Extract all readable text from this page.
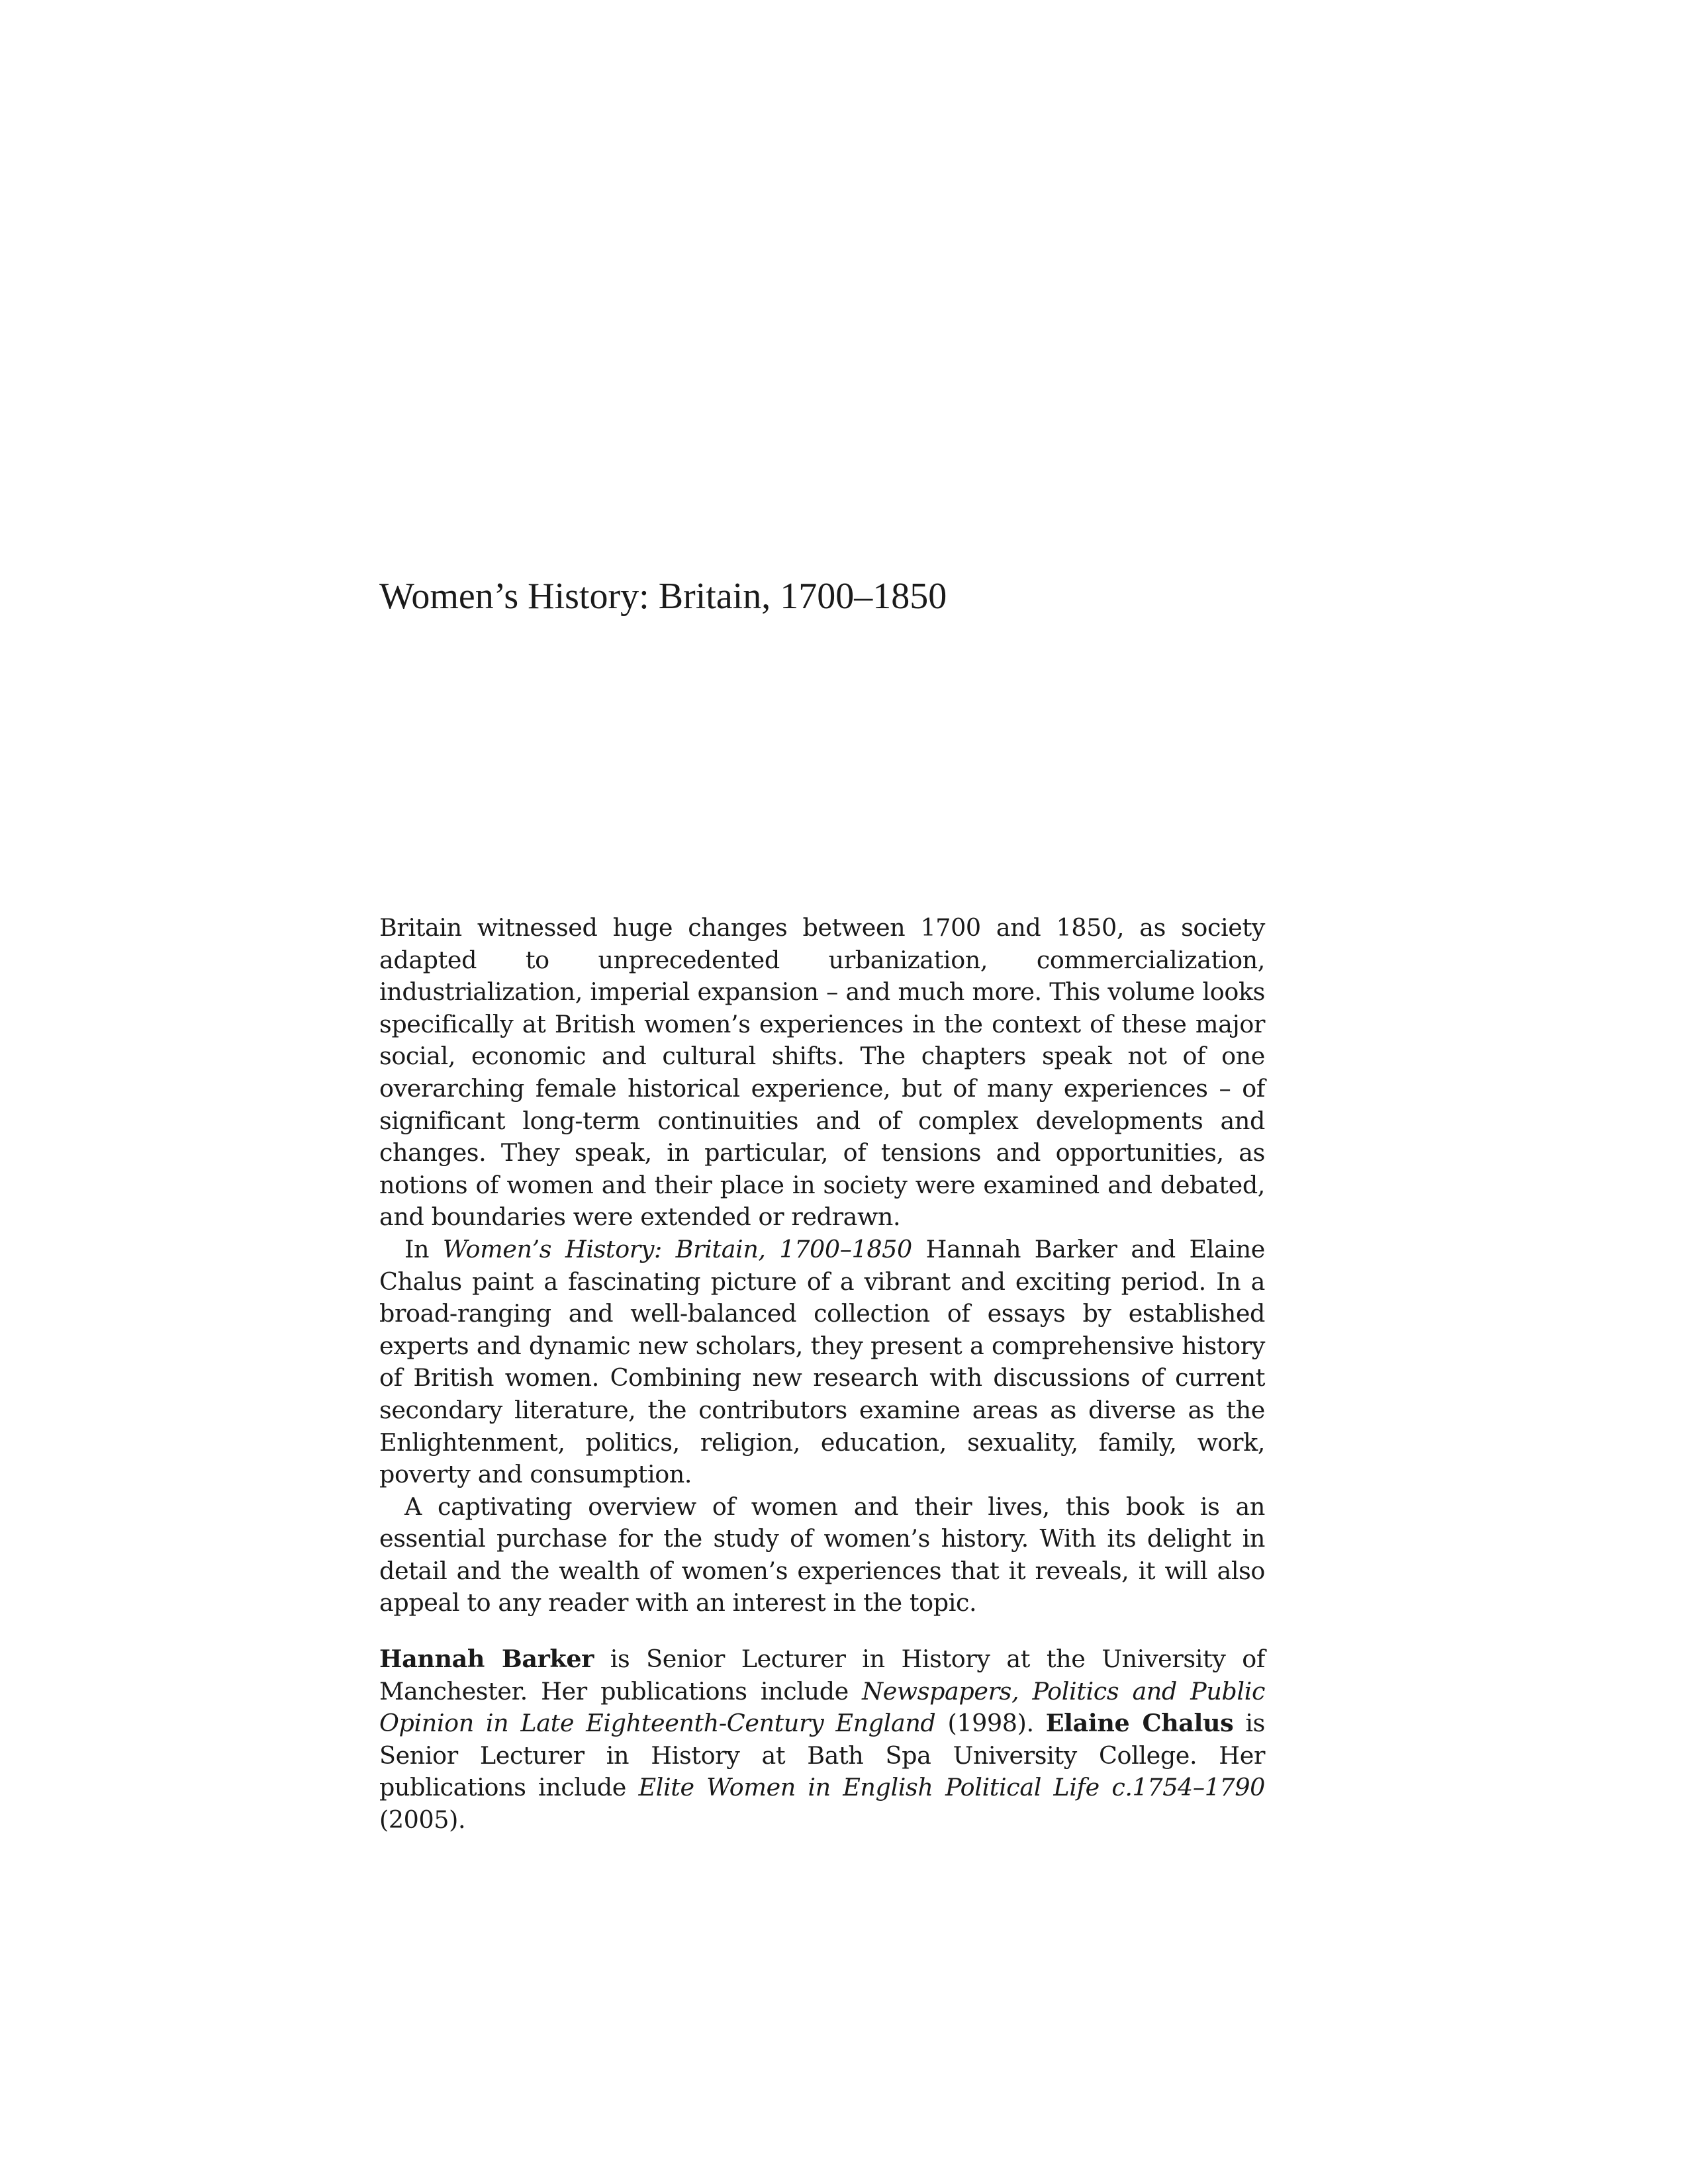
Women’s History: Britain, 1700–1850

Britain witnessed huge changes between 1700 and 1850, as society adapted to unprecedented urbanization, commercialization, industrialization, imperial expansion – and much more. This volume looks specifically at British women’s experiences in the context of these major social, economic and cultural shifts. The chapters speak not of one overarching female historical experience, but of many experiences – of significant long-term continuities and of complex developments and changes. They speak, in particular, of tensions and opportunities, as notions of women and their place in society were examined and debated, and boundaries were extended or redrawn.

In Women’s History: Britain, 1700–1850 Hannah Barker and Elaine Chalus paint a fascinating picture of a vibrant and exciting period. In a broad-ranging and well-balanced collection of essays by established experts and dynamic new scholars, they present a comprehensive history of British women. Combining new research with discussions of current secondary literature, the contributors examine areas as diverse as the Enlightenment, politics, religion, education, sexuality, family, work, poverty and consumption.

A captivating overview of women and their lives, this book is an essential purchase for the study of women’s history. With its delight in detail and the wealth of women’s experiences that it reveals, it will also appeal to any reader with an interest in the topic.

Hannah Barker is Senior Lecturer in History at the University of Manchester. Her publications include Newspapers, Politics and Public Opinion in Late Eighteenth-Century England (1998). Elaine Chalus is Senior Lecturer in History at Bath Spa University College. Her publications include Elite Women in English Political Life c.1754–1790 (2005).
